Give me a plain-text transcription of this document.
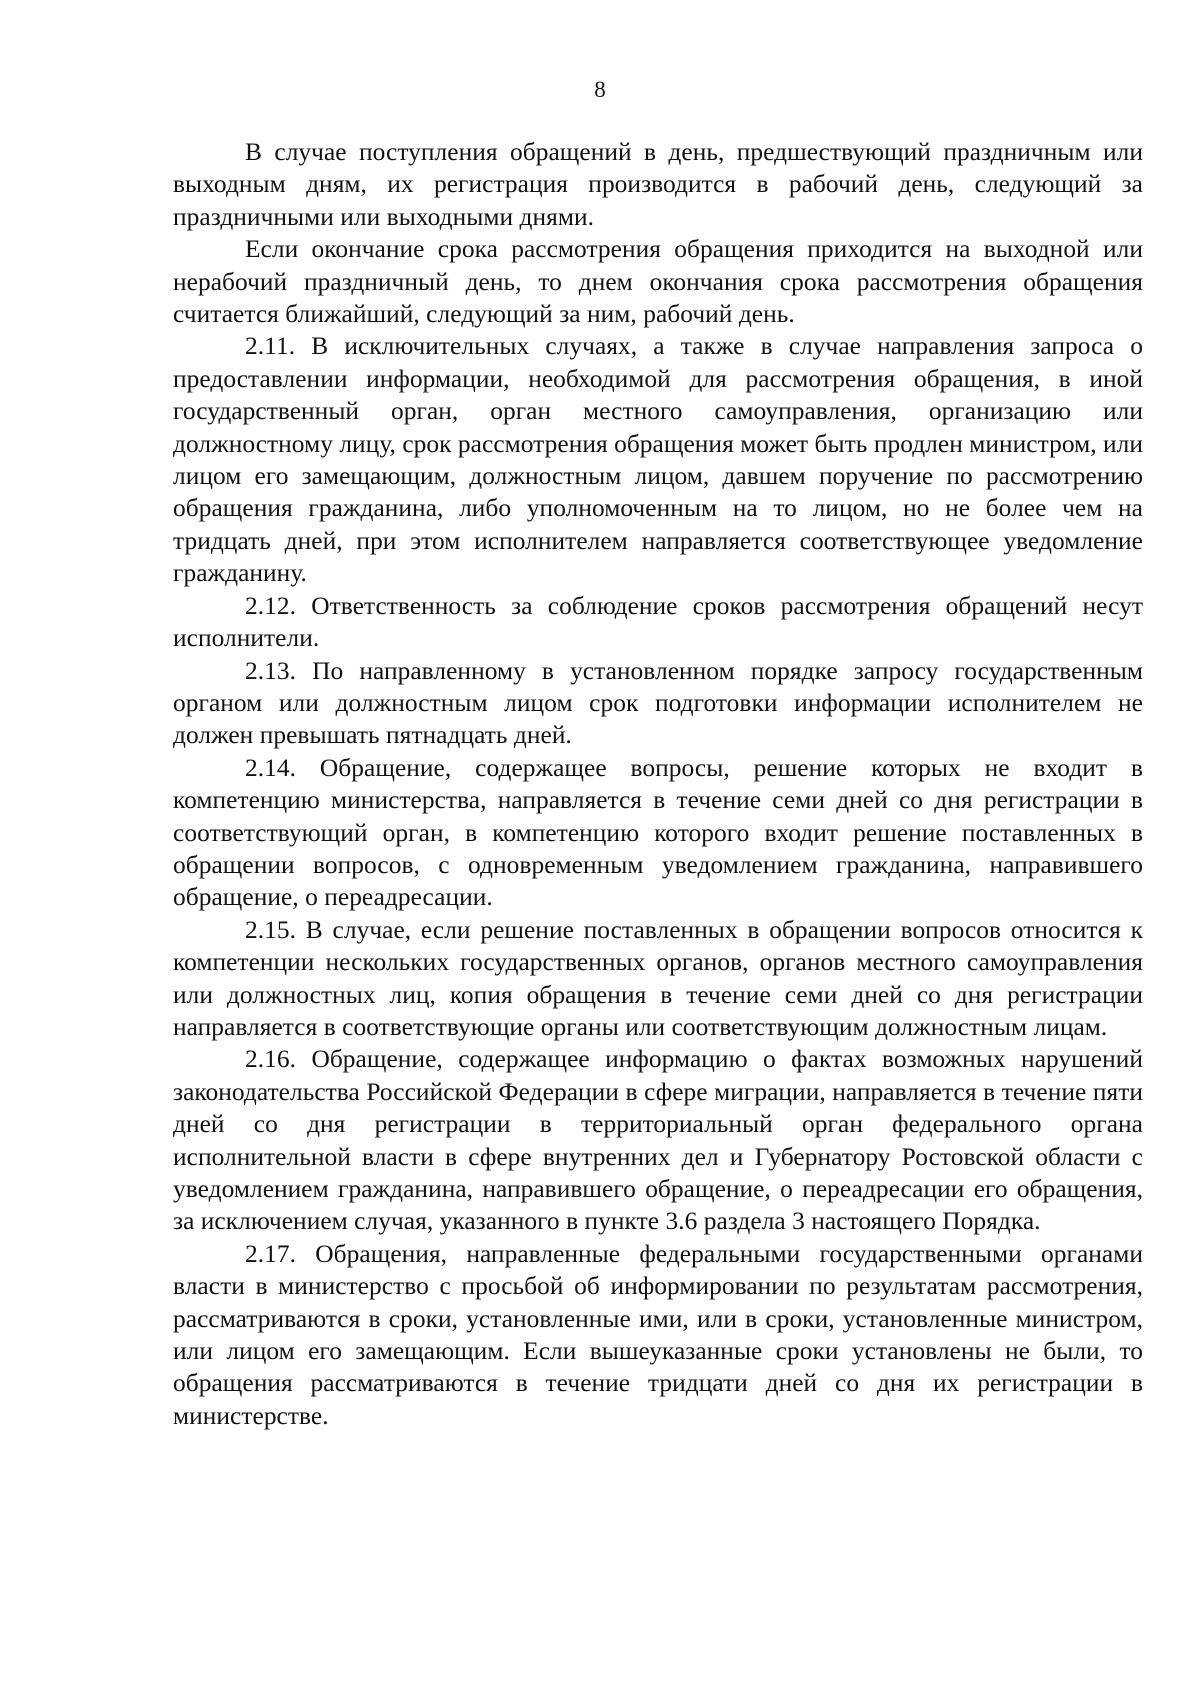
8

В случае поступления обращений в день, предшествующий праздничным или выходным дням, их регистрация производится в рабочий день, следующий за праздничными или выходными днями.

Если окончание срока рассмотрения обращения приходится на выходной или нерабочий праздничный день, то днем окончания срока рассмотрения обращения считается ближайший, следующий за ним, рабочий день.

2.11. В исключительных случаях, а также в случае направления запроса о предоставлении информации, необходимой для рассмотрения обращения, в иной государственный орган, орган местного самоуправления, организацию или должностному лицу, срок рассмотрения обращения может быть продлен министром, или лицом его замещающим, должностным лицом, давшем поручение по рассмотрению обращения гражданина, либо уполномоченным на то лицом, но не более чем на тридцать дней, при этом исполнителем направляется соответствующее уведомление гражданину.

2.12. Ответственность за соблюдение сроков рассмотрения обращений несут исполнители.

2.13. По направленному в установленном порядке запросу государственным органом или должностным лицом срок подготовки информации исполнителем не должен превышать пятнадцать дней.

2.14. Обращение, содержащее вопросы, решение которых не входит в компетенцию министерства, направляется в течение семи дней со дня регистрации в соответствующий орган, в компетенцию которого входит решение поставленных в обращении вопросов, с одновременным уведомлением гражданина, направившего обращение, о переадресации.

2.15. В случае, если решение поставленных в обращении вопросов относится к компетенции нескольких государственных органов, органов местного самоуправления или должностных лиц, копия обращения в течение семи дней со дня регистрации направляется в соответствующие органы или соответствующим должностным лицам.

2.16. Обращение, содержащее информацию о фактах возможных нарушений законодательства Российской Федерации в сфере миграции, направляется в течение пяти дней со дня регистрации в территориальный орган федерального органа исполнительной власти в сфере внутренних дел и Губернатору Ростовской области с уведомлением гражданина, направившего обращение, о переадресации его обращения, за исключением случая, указанного в пункте 3.6 раздела 3 настоящего Порядка.

2.17. Обращения, направленные федеральными государственными органами власти в министерство с просьбой об информировании по результатам рассмотрения, рассматриваются в сроки, установленные ими, или в сроки, установленные министром, или лицом его замещающим. Если вышеуказанные сроки установлены не были, то обращения рассматриваются в течение тридцати дней со дня их регистрации в министерстве.
